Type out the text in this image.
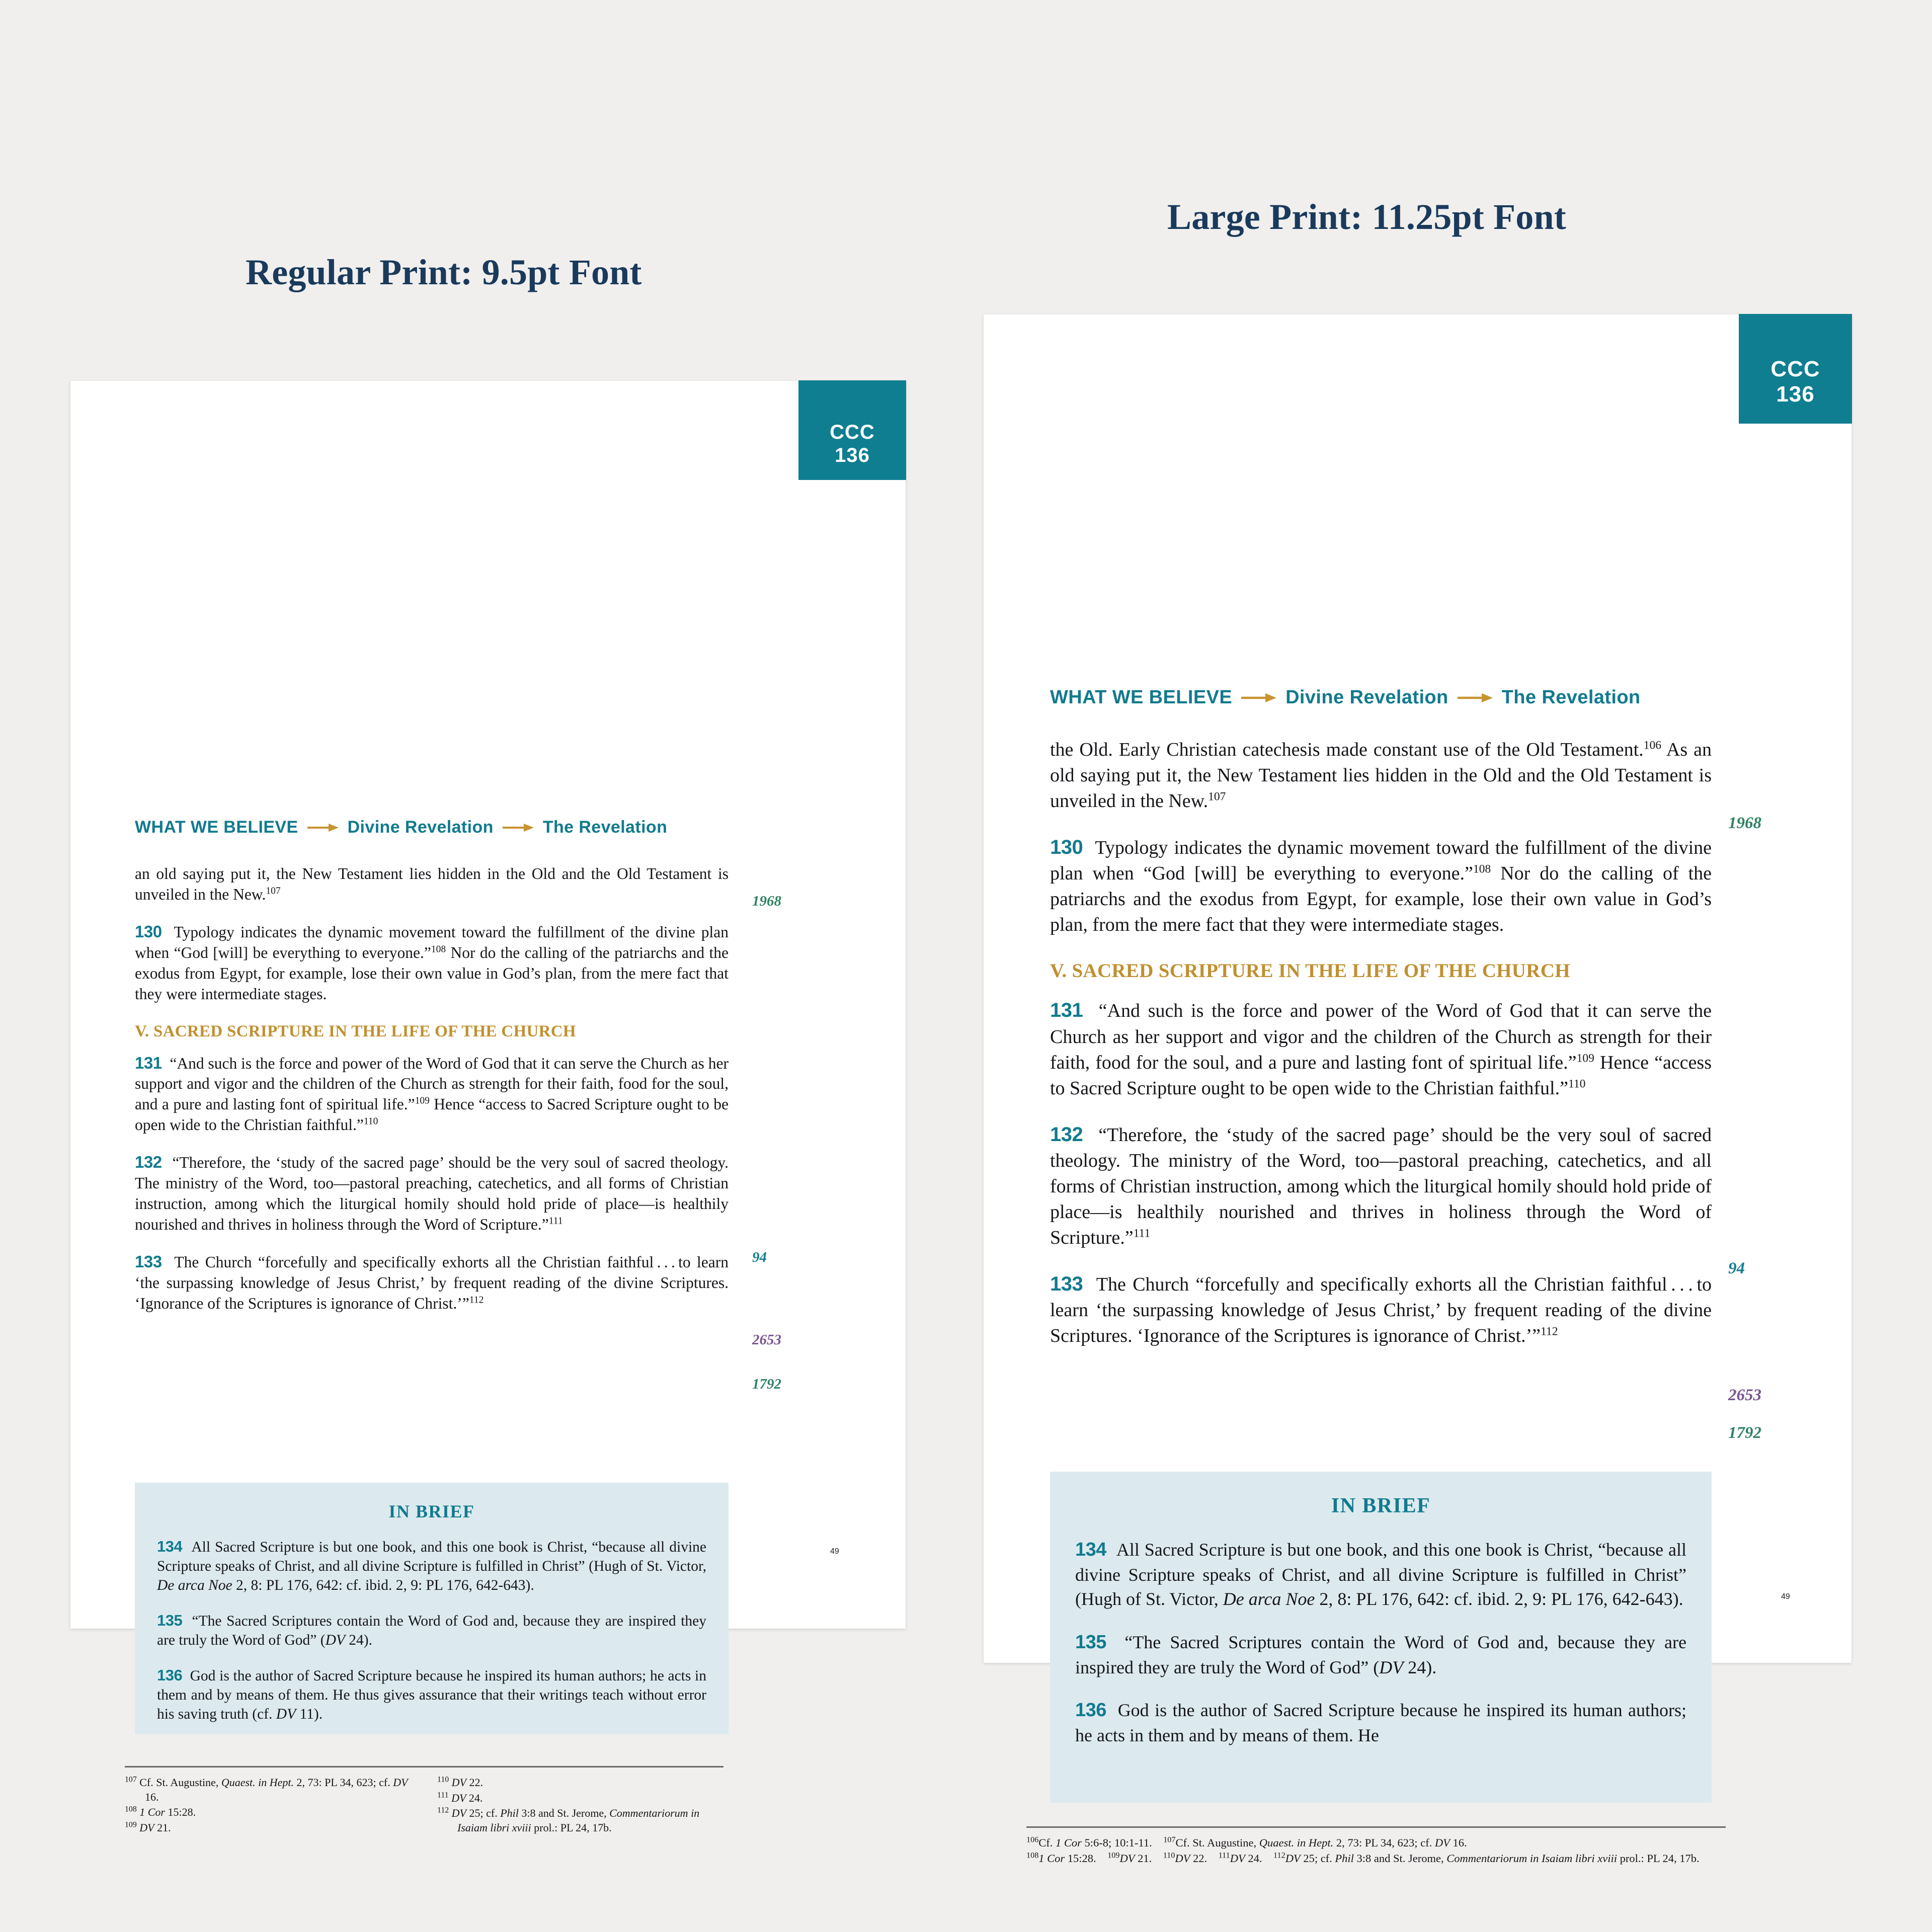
Regular Print: 9.5pt Font
Large Print: 11.25pt Font
CCC
136
WHAT WE BELIEVE	Divine Revelation	The Revelation

an old saying put it, the New Testament lies hidden in the Old and the Old Testament is unveiled in the New.$^{107}$

130 Typology indicates the dynamic movement toward the fulfillment of the divine plan when “God [will] be everything to everyone.”$^{108}$ Nor do the calling of the patriarchs and the exodus from Egypt, for example, lose their own value in God’s plan, from the mere fact that they were intermediate stages.

V. SACRED SCRIPTURE IN THE LIFE OF THE CHURCH

131 “And such is the force and power of the Word of God that it can serve the Church as her support and vigor and the children of the Church as strength for their faith, food for the soul, and a pure and lasting font of spiritual life.”$^{109}$ Hence “access to Sacred Scripture ought to be open wide to the Christian faithful.”$^{110}$

132 “Therefore, the ‘study of the sacred page’ should be the very soul of sacred theology. The ministry of the Word, too—pastoral preaching, catechetics, and all forms of Christian instruction, among which the liturgical homily should hold pride of place—is healthily nourished and thrives in holiness through the Word of Scripture.”$^{111}$

133 The Church “forcefully and specifically exhorts all the Christian faithful . . . to learn ‘the surpassing knowledge of Jesus Christ,’ by frequent reading of the divine Scriptures. ‘Ignorance of the Scriptures is ignorance of Christ.’”$^{112}$

1968
94
2653
1792
IN BRIEF

134 All Sacred Scripture is but one book, and this one book is Christ, “because all divine Scripture speaks of Christ, and all divine Scripture is fulfilled in Christ” (Hugh of St. Victor, De arca Noe 2, 8: PL 176, 642: cf. ibid. 2, 9: PL 176, 642-643).

135 “The Sacred Scriptures contain the Word of God and, because they are inspired they are truly the Word of God” (DV 24).

136 God is the author of Sacred Scripture because he inspired its human authors; he acts in them and by means of them. He thus gives assurance that their writings teach without error his saving truth (cf. DV 11).

$^{107}$ Cf. St. Augustine, Quaest. in Hept. 2, 73: PL 34, 623; cf. DV 16.

$^{108}$ 1 Cor 15:28.

$^{109}$ DV 21.

$^{110}$ DV 22.

$^{111}$ DV 24.

$^{112}$ DV 25; cf. Phil 3:8 and St. Jerome, Commentariorum in Isaiam libri xviii prol.: PL 24, 17b.

49
CCC
136
WHAT WE BELIEVE	Divine Revelation	The Revelation

the Old. Early Christian catechesis made constant use of the Old Testament.$^{106}$ As an old saying put it, the New Testament lies hidden in the Old and the Old Testament is unveiled in the New.$^{107}$

130 Typology indicates the dynamic movement toward the fulfillment of the divine plan when “God [will] be everything to everyone.”$^{108}$ Nor do the calling of the patriarchs and the exodus from Egypt, for example, lose their own value in God’s plan, from the mere fact that they were intermediate stages.

V. SACRED SCRIPTURE IN THE LIFE OF THE CHURCH

131 “And such is the force and power of the Word of God that it can serve the Church as her support and vigor and the children of the Church as strength for their faith, food for the soul, and a pure and lasting font of spiritual life.”$^{109}$ Hence “access to Sacred Scripture ought to be open wide to the Christian faithful.”$^{110}$

132 “Therefore, the ‘study of the sacred page’ should be the very soul of sacred theology. The ministry of the Word, too—pastoral preaching, catechetics, and all forms of Christian instruction, among which the liturgical homily should hold pride of place—is healthily nourished and thrives in holiness through the Word of Scripture.”$^{111}$

133 The Church “forcefully and specifically exhorts all the Christian faithful . . . to learn ‘the surpassing knowledge of Jesus Christ,’ by frequent reading of the divine Scriptures. ‘Ignorance of the Scriptures is ignorance of Christ.’”$^{112}$

1968
94
2653
1792
IN BRIEF

134 All Sacred Scripture is but one book, and this one book is Christ, “because all divine Scripture speaks of Christ, and all divine Scripture is fulfilled in Christ” (Hugh of St. Victor, De arca Noe 2, 8: PL 176, 642: cf. ibid. 2, 9: PL 176, 642-643).

135 “The Sacred Scriptures contain the Word of God and, because they are inspired they are truly the Word of God” (DV 24).

136 God is the author of Sacred Scripture because he inspired its human authors; he acts in them and by means of them. He

$^{106}$Cf. 1 Cor 5:6-8; 10:1-11. $^{107}$Cf. St. Augustine, Quaest. in Hept. 2, 73: PL 34, 623; cf. DV 16.
$^{108}$1 Cor 15:28. $^{109}$DV 21. $^{110}$DV 22. $^{111}$DV 24. $^{112}$DV 25; cf. Phil 3:8 and St. Jerome, Commentariorum in Isaiam libri xviii prol.: PL 24, 17b.

49
